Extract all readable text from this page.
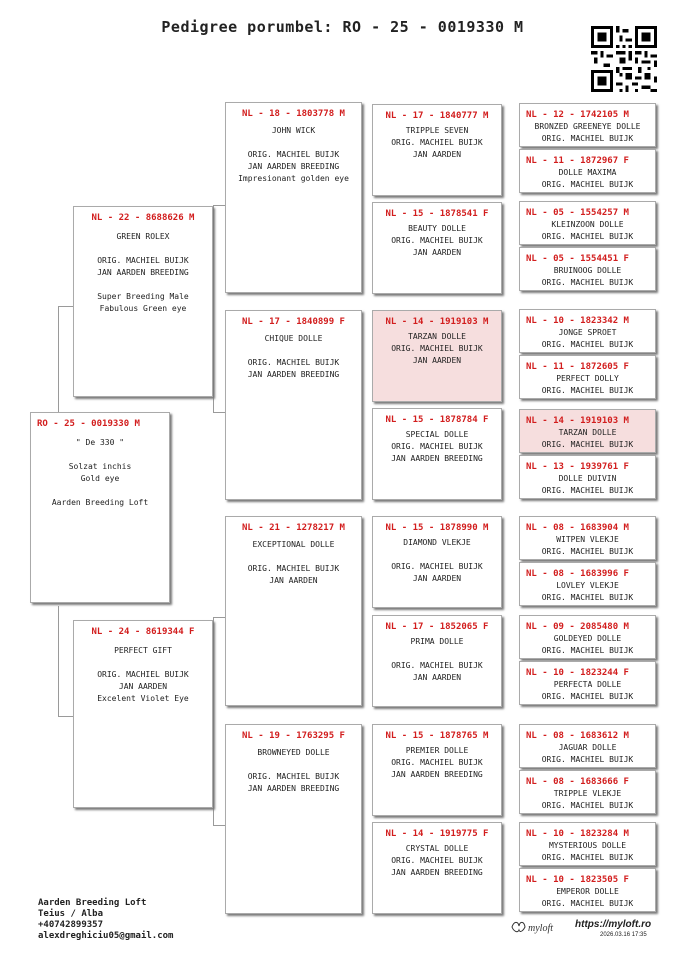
Pedigree porumbel: RO - 25 - 0019330 M
RO - 25 - 0019330 M
" De 330 "
Solzat inchis
Gold eye
Aarden Breeding Loft
NL - 22 - 8688626 M
GREEN ROLEX
ORIG. MACHIEL BUIJK
JAN AARDEN BREEDING
Super Breeding Male
Fabulous Green eye
NL - 24 - 8619344 F
PERFECT GIFT
ORIG. MACHIEL BUIJK
JAN AARDEN
Excelent Violet Eye
NL - 18 - 1803778 M
JOHN WICK
ORIG. MACHIEL BUIJK
JAN AARDEN BREEDING
Impresionant golden eye
NL - 17 - 1840899 F
CHIQUE DOLLE
ORIG. MACHIEL BUIJK
JAN AARDEN BREEDING
NL - 21 - 1278217 M
EXCEPTIONAL DOLLE
ORIG. MACHIEL BUIJK
JAN AARDEN
NL - 19 - 1763295 F
BROWNEYED DOLLE
ORIG. MACHIEL BUIJK
JAN AARDEN BREEDING
NL - 17 - 1840777 M
TRIPPLE SEVEN
ORIG. MACHIEL BUIJK
JAN AARDEN
NL - 15 - 1878541 F
BEAUTY DOLLE
ORIG. MACHIEL BUIJK
JAN AARDEN
NL - 14 - 1919103 M
TARZAN DOLLE
ORIG. MACHIEL BUIJK
JAN AARDEN
NL - 15 - 1878784 F
SPECIAL DOLLE
ORIG. MACHIEL BUIJK
JAN AARDEN BREEDING
NL - 15 - 1878990 M
DIAMOND VLEKJE
ORIG. MACHIEL BUIJK
JAN AARDEN
NL - 17 - 1852065 F
PRIMA DOLLE
ORIG. MACHIEL BUIJK
JAN AARDEN
NL - 15 - 1878765 M
PREMIER DOLLE
ORIG. MACHIEL BUIJK
JAN AARDEN BREEDING
NL - 14 - 1919775 F
CRYSTAL DOLLE
ORIG. MACHIEL BUIJK
JAN AARDEN BREEDING
NL - 12 - 1742105 M
BRONZED GREENEYE DOLLE
ORIG. MACHIEL BUIJK
NL - 11 - 1872967 F
DOLLE MAXIMA
ORIG. MACHIEL BUIJK
NL - 05 - 1554257 M
KLEINZOON DOLLE
ORIG. MACHIEL BUIJK
NL - 05 - 1554451 F
BRUINOOG DOLLE
ORIG. MACHIEL BUIJK
NL - 10 - 1823342 M
JONGE SPROET
ORIG. MACHIEL BUIJK
NL - 11 - 1872605 F
PERFECT DOLLY
ORIG. MACHIEL BUIJK
NL - 14 - 1919103 M
TARZAN DOLLE
ORIG. MACHIEL BUIJK
NL - 13 - 1939761 F
DOLLE DUIVIN
ORIG. MACHIEL BUIJK
NL - 08 - 1683904 M
WITPEN VLEKJE
ORIG. MACHIEL BUIJK
NL - 08 - 1683996 F
LOVLEY VLEKJE
ORIG. MACHIEL BUIJK
NL - 09 - 2085480 M
GOLDEYED DOLLE
ORIG. MACHIEL BUIJK
NL - 10 - 1823244 F
PERFECTA DOLLE
ORIG. MACHIEL BUIJK
NL - 08 - 1683612 M
JAGUAR DOLLE
ORIG. MACHIEL BUIJK
NL - 08 - 1683666 F
TRIPPLE VLEKJE
ORIG. MACHIEL BUIJK
NL - 10 - 1823284 M
MYSTERIOUS DOLLE
ORIG. MACHIEL BUIJK
NL - 10 - 1823505 F
EMPEROR DOLLE
ORIG. MACHIEL BUIJK
Aarden Breeding Loft
Teius / Alba
+40742899357
alexdreghiciu05@gmail.com
myloft https://myloft.ro
2026.03.16 17:35
